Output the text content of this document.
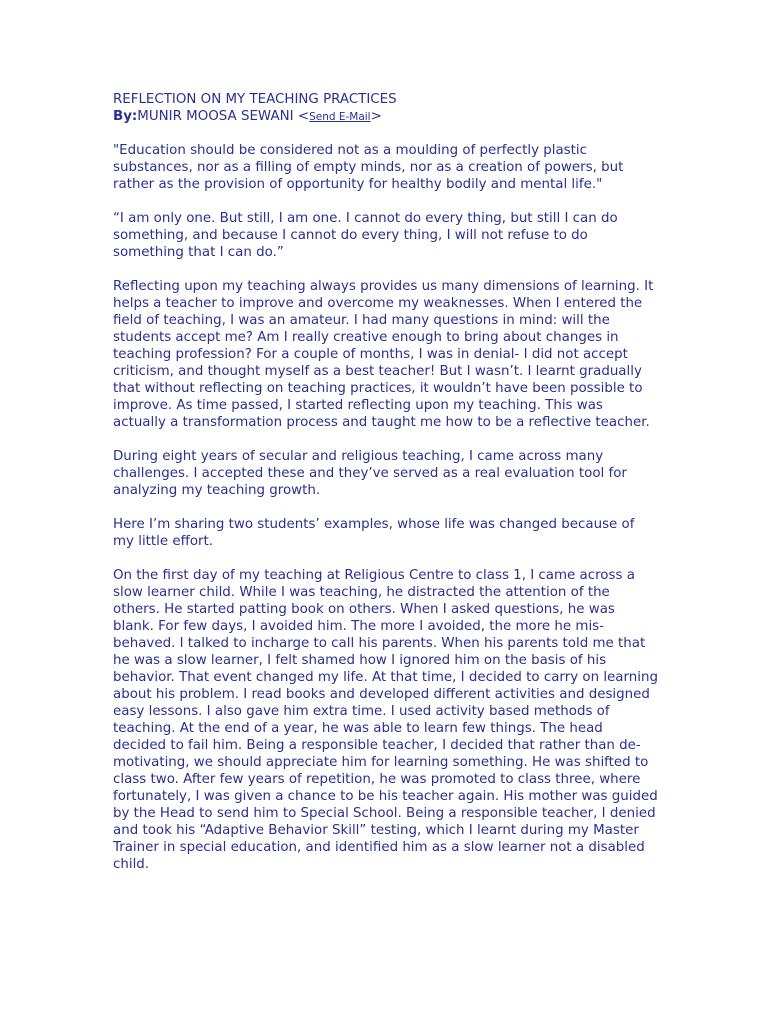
REFLECTION ON MY TEACHING PRACTICES
By:MUNIR MOOSA SEWANI <Send E-Mail>

"Education should be considered not as a moulding of perfectly plastic substances, nor as a filling of empty minds, nor as a creation of powers, but rather as the provision of opportunity for healthy bodily and mental life."

“I am only one. But still, I am one. I cannot do every thing, but still I can do something, and because I cannot do every thing, I will not refuse to do something that I can do.”

Reflecting upon my teaching always provides us many dimensions of learning. It helps a teacher to improve and overcome my weaknesses. When I entered the field of teaching, I was an amateur. I had many questions in mind: will the students accept me? Am I really creative enough to bring about changes in teaching profession? For a couple of months, I was in denial- I did not accept criticism, and thought myself as a best teacher! But I wasn’t. I learnt gradually that without reflecting on teaching practices, it wouldn’t have been possible to improve. As time passed, I started reflecting upon my teaching. This was actually a transformation process and taught me how to be a reflective teacher.

During eight years of secular and religious teaching, I came across many challenges. I accepted these and they’ve served as a real evaluation tool for analyzing my teaching growth.

Here I’m sharing two students’ examples, whose life was changed because of my little effort.

On the first day of my teaching at Religious Centre to class 1, I came across a slow learner child. While I was teaching, he distracted the attention of the others. He started patting book on others. When I asked questions, he was blank. For few days, I avoided him. The more I avoided, the more he mis-behaved. I talked to incharge to call his parents. When his parents told me that he was a slow learner, I felt shamed how I ignored him on the basis of his behavior. That event changed my life. At that time, I decided to carry on learning about his problem. I read books and developed different activities and designed easy lessons. I also gave him extra time. I used activity based methods of teaching. At the end of a year, he was able to learn few things. The head decided to fail him. Being a responsible teacher, I decided that rather than de-motivating, we should appreciate him for learning something. He was shifted to class two. After few years of repetition, he was promoted to class three, where fortunately, I was given a chance to be his teacher again. His mother was guided by the Head to send him to Special School. Being a responsible teacher, I denied and took his “Adaptive Behavior Skill” testing, which I learnt during my Master Trainer in special education, and identified him as a slow learner not a disabled child.
